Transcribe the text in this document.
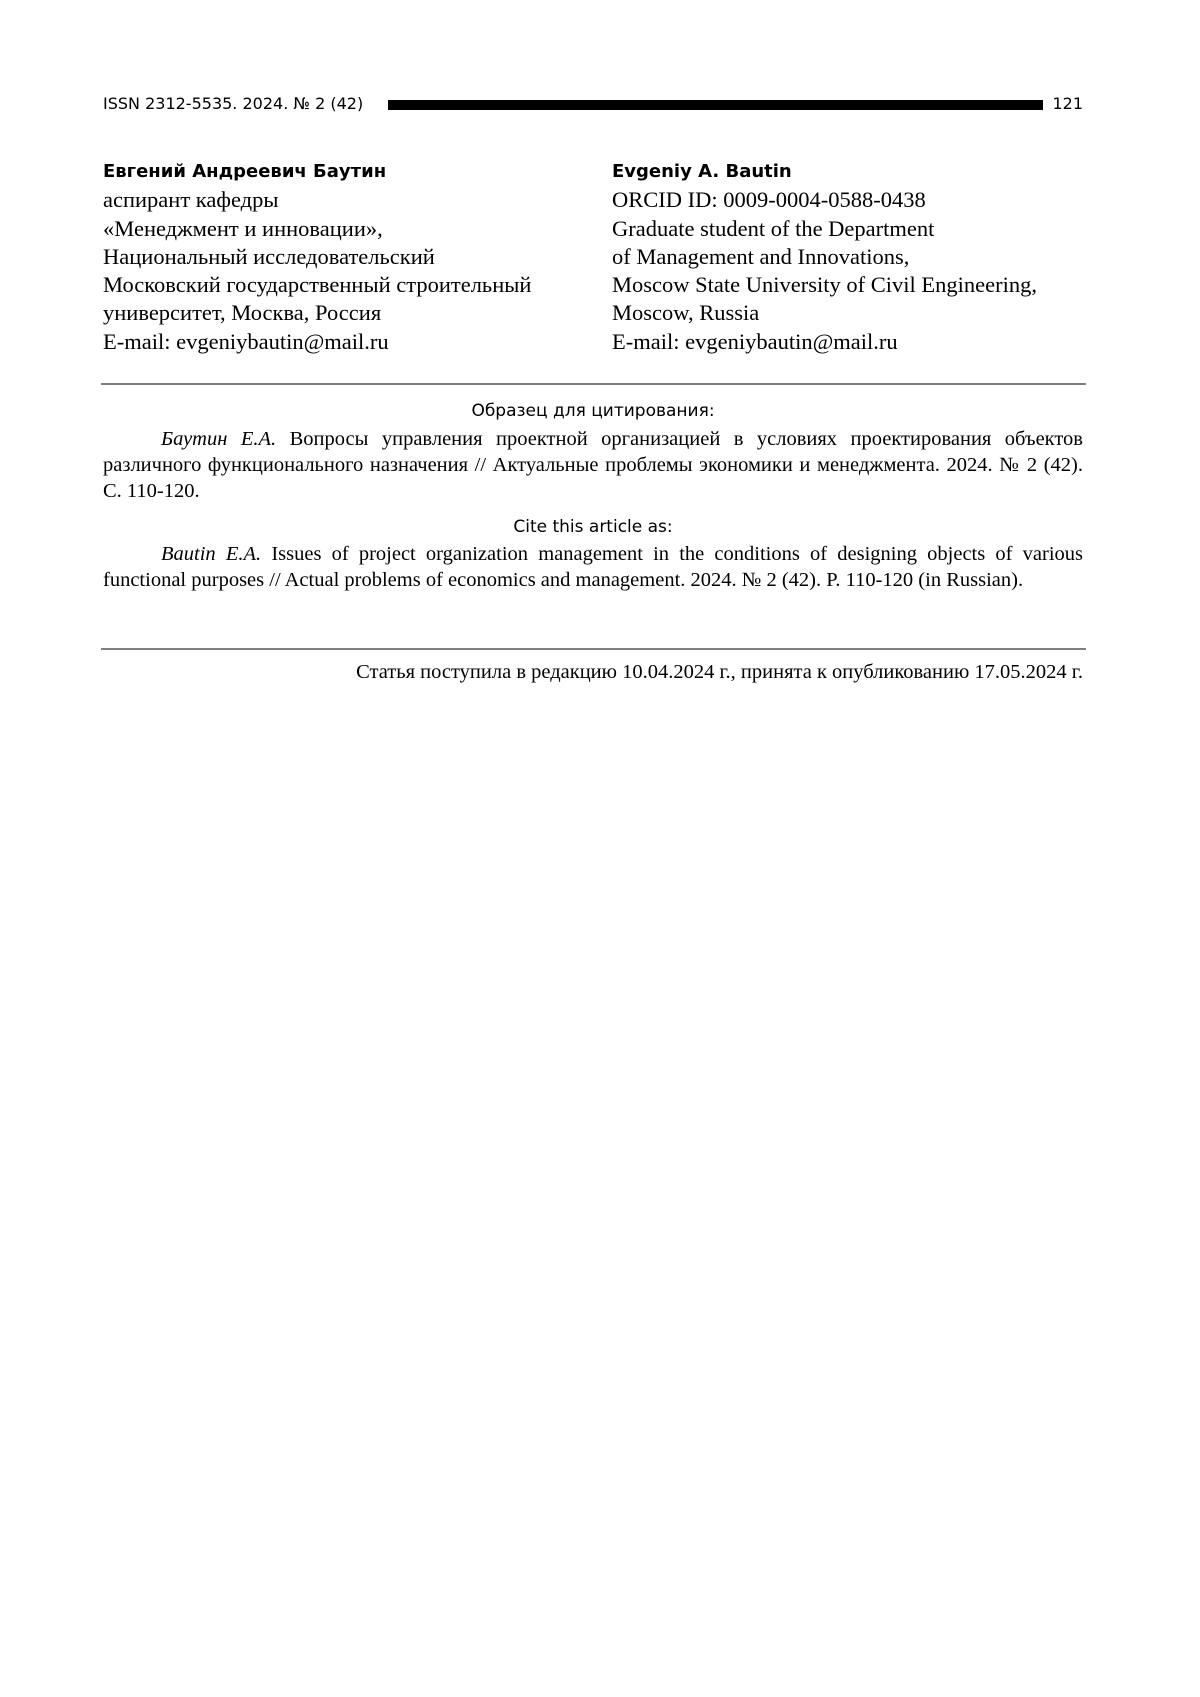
ISSN 2312-5535. 2024. № 2 (42)	121
Евгений Андреевич Баутин
аспирант кафедры
«Менеджмент и инновации»,
Национальный исследовательский
Московский государственный строительный
университет, Москва, Россия
E-mail: evgeniybautin@mail.ru
Evgeniy A. Bautin
ORCID ID: 0009-0004-0588-0438
Graduate student of the Department
of Management and Innovations,
Moscow State University of Civil Engineering,
Moscow, Russia
E-mail: evgeniybautin@mail.ru
Образец для цитирования:
Баутин Е.А. Вопросы управления проектной организацией в условиях проектирования объектов различного функционального назначения // Актуальные проблемы экономики и менеджмента. 2024. № 2 (42). С. 110-120.
Cite this article as:
Bautin E.A. Issues of project organization management in the conditions of designing objects of various functional purposes // Actual problems of economics and management. 2024. № 2 (42). P. 110-120 (in Russian).
Статья поступила в редакцию 10.04.2024 г., принята к опубликованию 17.05.2024 г.
